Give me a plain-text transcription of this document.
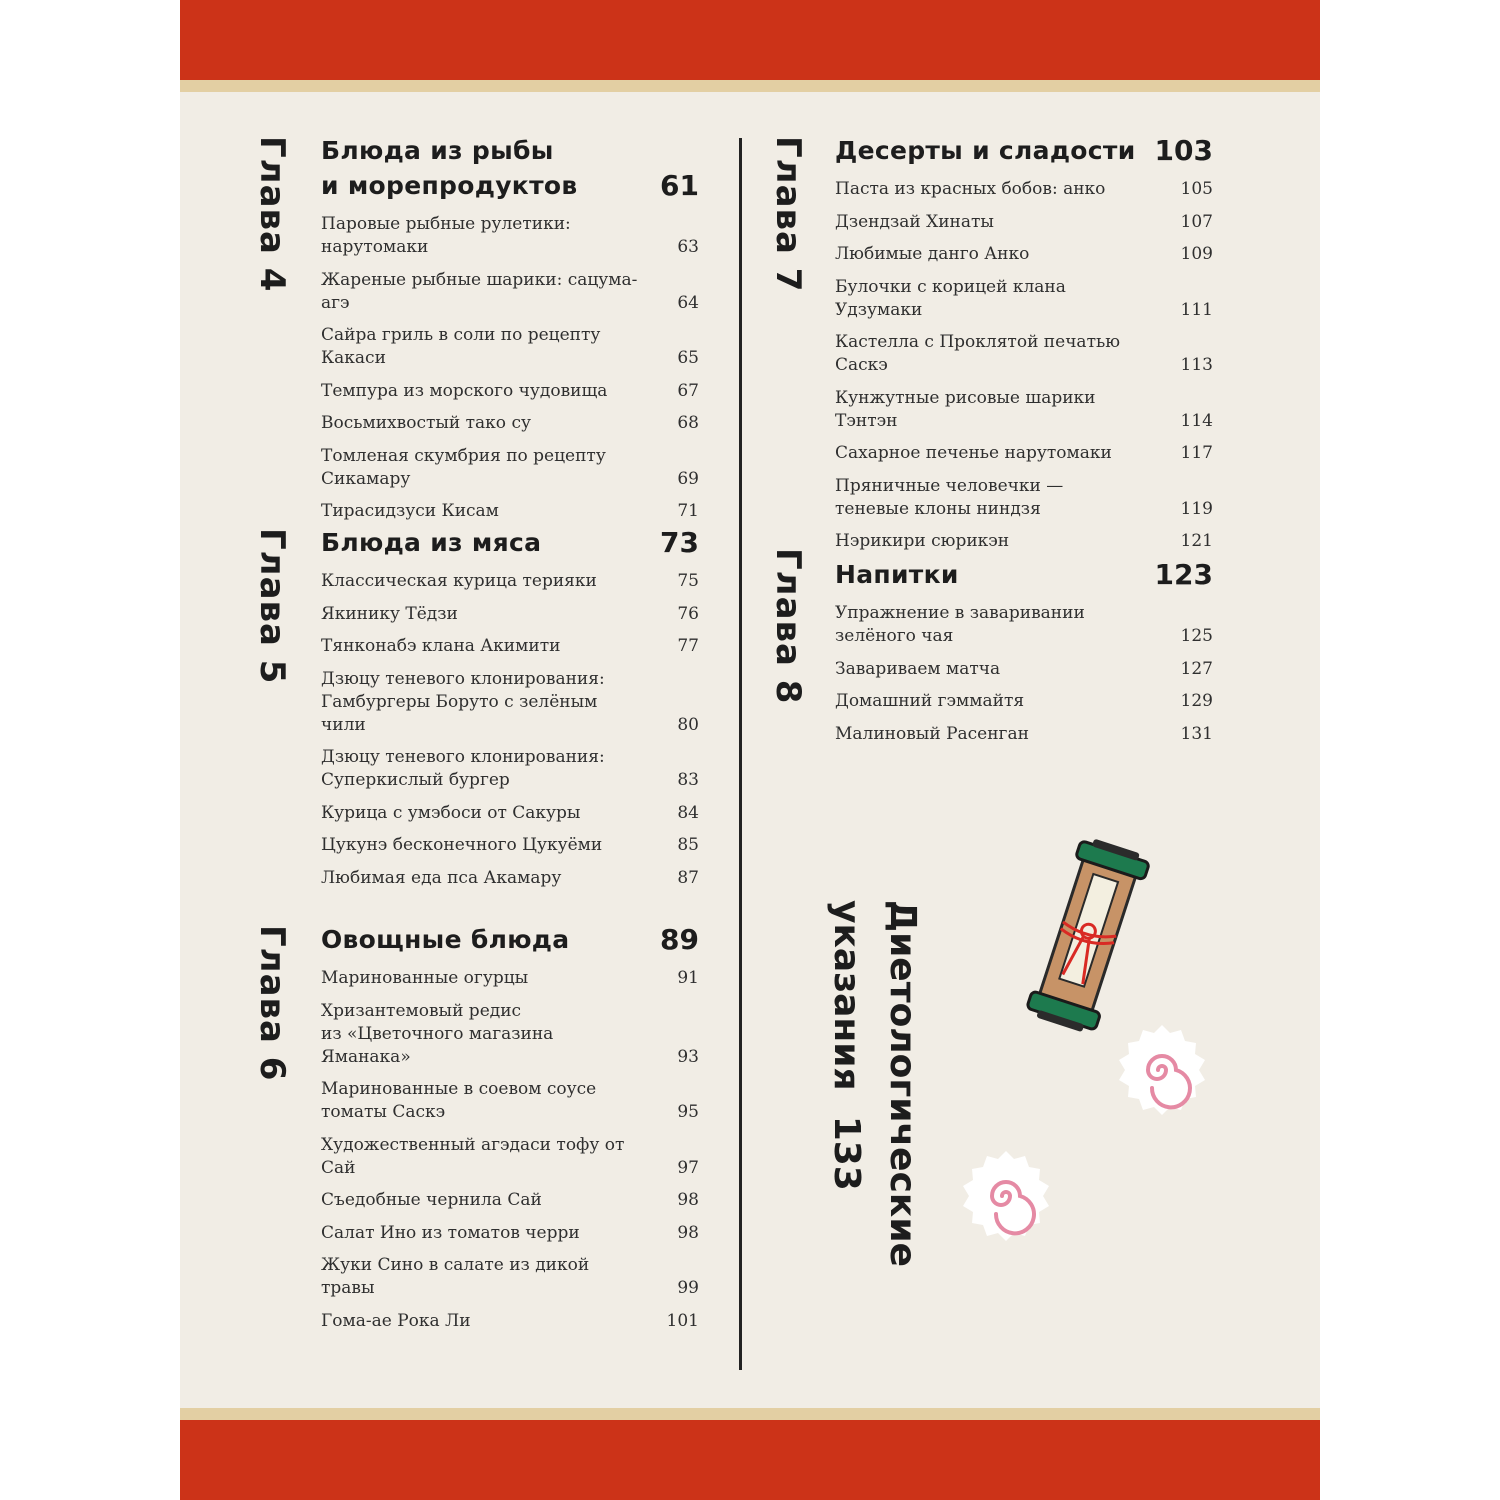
Глава 4	Блюда из рыбы
и морепродуктов	61
Паровые рыбные рулетики:
нарутомаки	63
Жареные рыбные шарики: сацума-агэ	64
Сайра гриль в соли по рецепту Какаси	65
Темпура из морского чудовища	67
Восьмихвостый тако су	68
Томленая скумбрия по рецепту
Сикамару	69
Тирасидзуси Кисам	71
Глава 5	Блюда из мяса	73
Классическая курица терияки	75
Якинику Тёдзи	76
Тянконабэ клана Акимити	77
Дзюцу теневого клонирования:
Гамбургеры Боруто с зелёным чили	80
Дзюцу теневого клонирования:
Суперкислый бургер	83
Курица с умэбоси от Сакуры	84
Цукунэ бесконечного Цукуёми	85
Любимая еда пса Акамару	87
Глава 6	Овощные блюда	89
Маринованные огурцы	91
Хризантемовый редис
из «Цветочного магазина Яманака»	93
Маринованные в соевом соусе
томаты Саскэ	95
Художественный агэдаси тофу от Сай	97
Съедобные чернила Сай	98
Салат Ино из томатов черри	98
Жуки Сино в салате из дикой травы	99
Гома-ае Рока Ли	101
Глава 7	Десерты и сладости 103
Паста из красных бобов: анко	105
Дзендзай Хинаты	107
Любимые данго Анко	109
Булочки с корицей клана Удзумаки	111
Кастелла с Проклятой печатью Саскэ	113
Кунжутные рисовые шарики Тэнтэн	114
Сахарное печенье нарутомаки	117
Пряничные человечки —
теневые клоны ниндзя	119
Нэрикири сюрикэн	121
Глава 8	Напитки	123
Упражнение в заваривании
зелёного чая	125
Завариваем матча	127
Домашний гэммайтя	129
Малиновый Расенган	131
Диетологические
указания  133
